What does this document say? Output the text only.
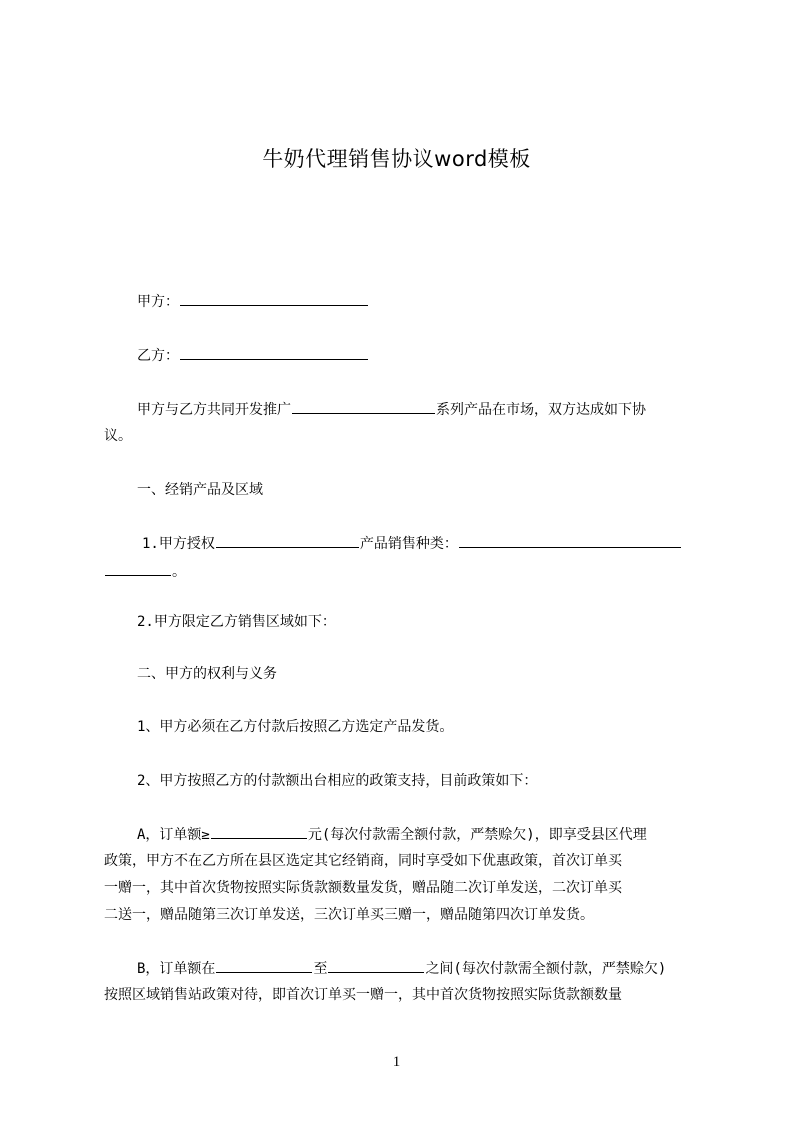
牛奶代理销售协议word模板
甲方：
乙方：
甲方与乙方共同开发推广	系列产品在市场，双方达成如下协
议。
一、经销产品及区域
1.甲方授权	产品销售种类：
。
2.甲方限定乙方销售区域如下：
二、甲方的权利与义务
1、甲方必须在乙方付款后按照乙方选定产品发货。
2、甲方按照乙方的付款额出台相应的政策支持，目前政策如下：
A，订单额≥	元(每次付款需全额付款，严禁赊欠)，即享受县区代理
政策，甲方不在乙方所在县区选定其它经销商，同时享受如下优惠政策，首次订单买
一赠一，其中首次货物按照实际货款额数量发货，赠品随二次订单发送，二次订单买
二送一，赠品随第三次订单发送，三次订单买三赠一，赠品随第四次订单发货。
B，订单额在	至	之间(每次付款需全额付款，严禁赊欠)
按照区域销售站政策对待，即首次订单买一赠一，其中首次货物按照实际货款额数量
1
